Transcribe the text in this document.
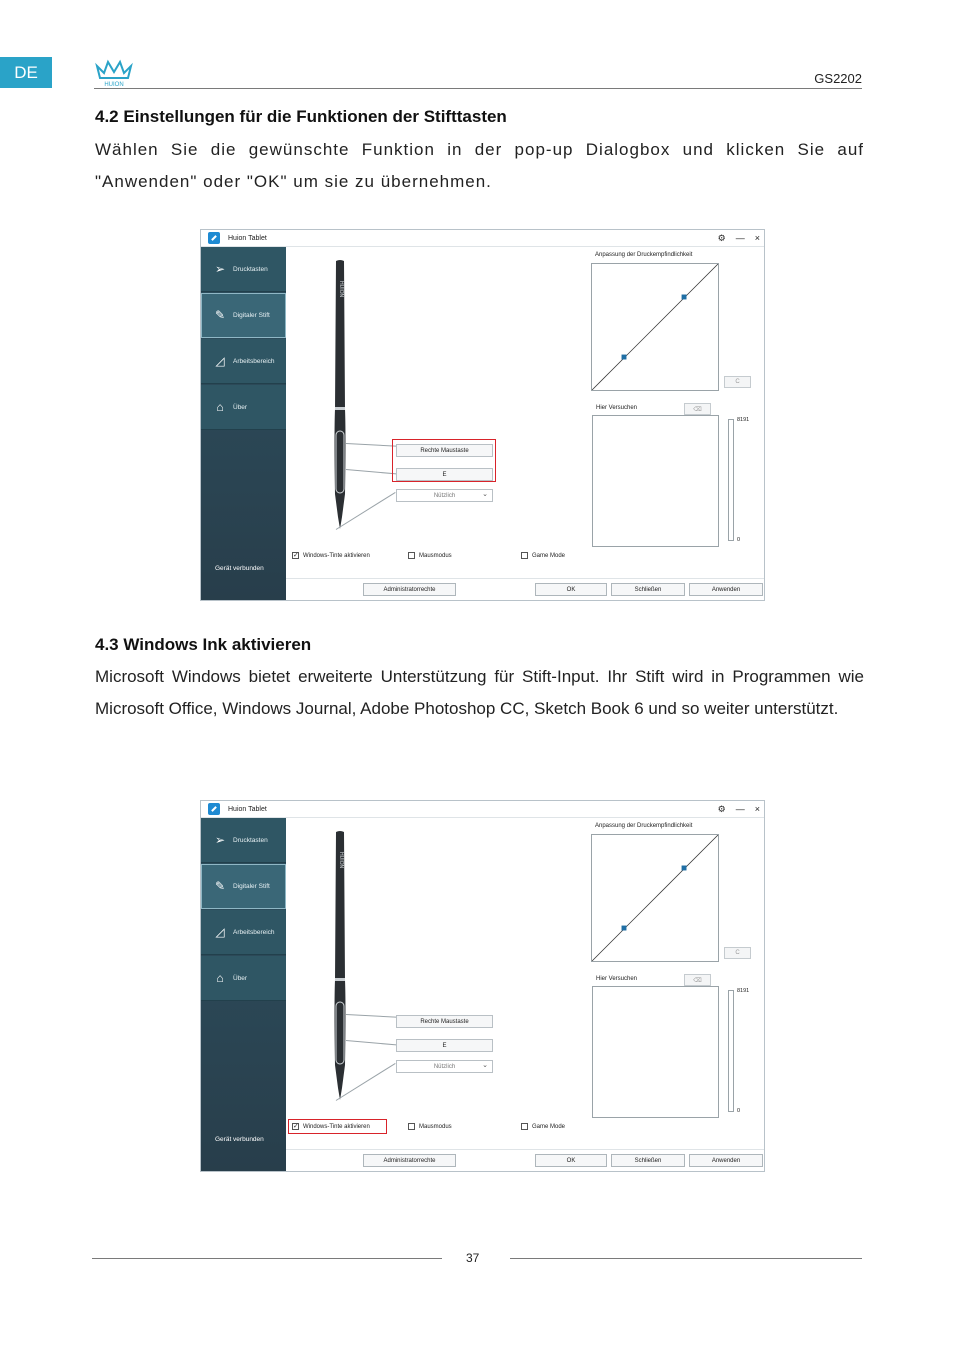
DE
HUION	GS2202
4.2 Einstellungen für die Funktionen der Stifttasten
Wählen Sie die gewünschte Funktion in der pop-up Dialogbox und klicken Sie auf "Anwenden" oder "OK" um sie zu übernehmen.
Huion Tablet	⚙ — ×
➢	Drucktasten
✎	Digitaler Stift
◿	Arbeitsbereich
⌂	Über
Gerät verbunden
HUION
Rechte Maustaste
E
Nützlich ⌄
Anpassung der Druckempfindlichkeit
C
Hier Versuchen	⌫
8191
0
✓
Windows-Tinte aktivieren	Mausmodus	Game Mode
Administratorrechte	OK	Schließen	Anwenden
4.3 Windows Ink aktivieren
Microsoft Windows bietet erweiterte Unterstützung für Stift-Input. Ihr Stift wird in Programmen wie Microsoft Office, Windows Journal, Adobe Photoshop CC, Sketch Book 6 und so weiter unterstützt.
Huion Tablet	⚙ — ×
➢	Drucktasten
✎	Digitaler Stift
◿	Arbeitsbereich
⌂	Über
Gerät verbunden
HUION
Rechte Maustaste
E
Nützlich ⌄
Anpassung der Druckempfindlichkeit
C
Hier Versuchen	⌫
8191
0
✓
Windows-Tinte aktivieren	Mausmodus	Game Mode
Administratorrechte	OK	Schließen	Anwenden
37
